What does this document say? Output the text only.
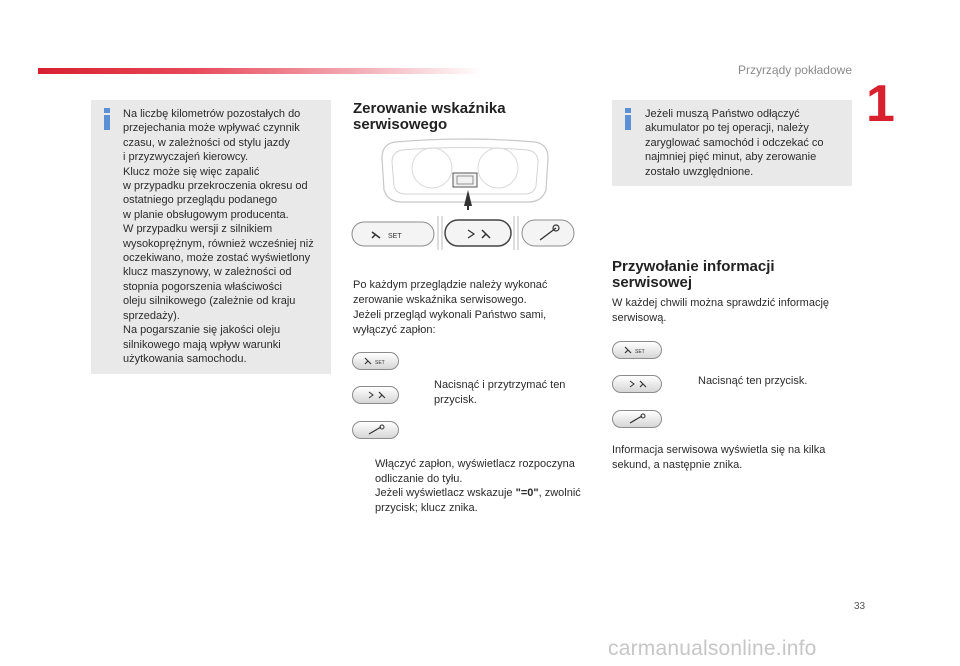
Przyrządy pokładowe
1
Na liczbę kilometrów pozostałych do
przejechania może wpływać czynnik
czasu, w zależności od stylu jazdy
i przyzwyczajeń kierowcy.
Klucz może się więc zapalić
w przypadku przekroczenia okresu od
ostatniego przeglądu podanego
w planie obsługowym producenta.
W przypadku wersji z silnikiem
wysokoprężnym, również wcześniej niż
oczekiwano, może zostać wyświetlony
klucz maszynowy, w zależności od
stopnia pogorszenia właściwości
oleju silnikowego (zależnie od kraju
sprzedaży).
Na pogarszanie się jakości oleju
silnikowego mają wpływ warunki
użytkowania samochodu.
Zerowanie wskaźnika
serwisowego
SET
Po każdym przeglądzie należy wykonać
zerowanie wskaźnika serwisowego.
Jeżeli przegląd wykonali Państwo sami,
wyłączyć zapłon:
SET
Nacisnąć i przytrzymać ten
przycisk.
Włączyć zapłon, wyświetlacz rozpoczyna
odliczanie do tyłu.
Jeżeli wyświetlacz wskazuje "=0", zwolnić
przycisk; klucz znika.
Jeżeli muszą Państwo odłączyć
akumulator po tej operacji, należy
zaryglować samochód i odczekać co
najmniej pięć minut, aby zerowanie
zostało uwzględnione.
Przywołanie informacji
serwisowej
W każdej chwili można sprawdzić informację
serwisową.
SET
Nacisnąć ten przycisk.
Informacja serwisowa wyświetla się na kilka
sekund, a następnie znika.
33
carmanualsonline.info
